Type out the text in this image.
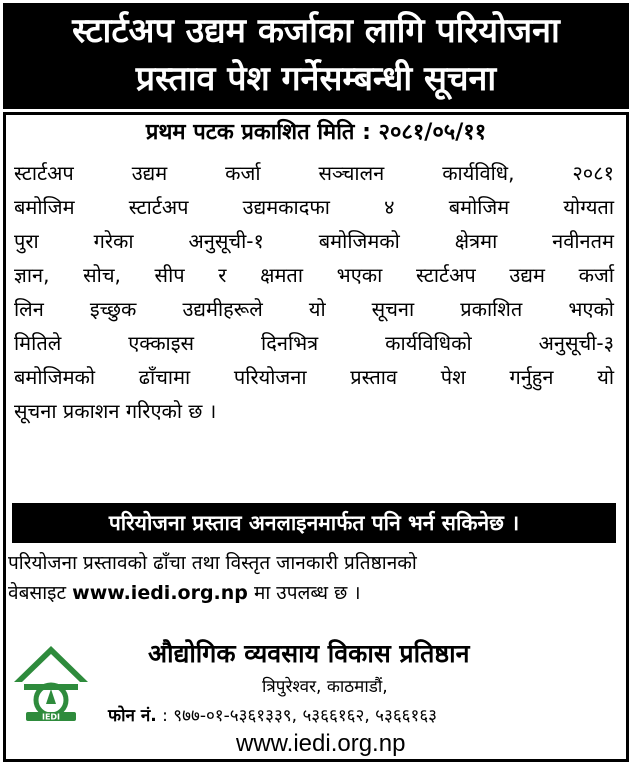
स्टार्टअप उद्यम कर्जाका लागि परियोजना
प्रस्ताव पेश गर्नेसम्बन्धी सूचना
प्रथम पटक प्रकाशित मिति : २०८१/०५/११
स्टार्टअप उद्यम कर्जा सञ्चालन कार्यविधि, २०८१
बमोजिम स्टार्टअप उद्यमकादफा ४ बमोजिम योग्यता
पुरा गरेका अनुसूची-१ बमोजिमको क्षेत्रमा नवीनतम
ज्ञान, सोच, सीप र क्षमता भएका स्टार्टअप उद्यम कर्जा
लिन इच्छुक उद्यमीहरूले यो सूचना प्रकाशित भएको
मितिले एक्काइस दिनभित्र कार्यविधिको अनुसूची-३
बमोजिमको ढाँचामा परियोजना प्रस्ताव पेश गर्नुहुन यो
सूचना प्रकाशन गरिएको छ ।
परियोजना प्रस्ताव अनलाइनमार्फत पनि भर्न सकिनेछ ।
परियोजना प्रस्तावको ढाँचा तथा विस्तृत जानकारी प्रतिष्ठानको
वेबसाइट www.iedi.org.np मा उपलब्ध छ ।
IEDI
औद्योगिक व्यवसाय विकास प्रतिष्ठान
त्रिपुरेश्वर, काठमाडौं,
फोन नं. : ९७७-०१-५३६१३३९, ५३६६१६२, ५३६६१६३
www.iedi.org.np
